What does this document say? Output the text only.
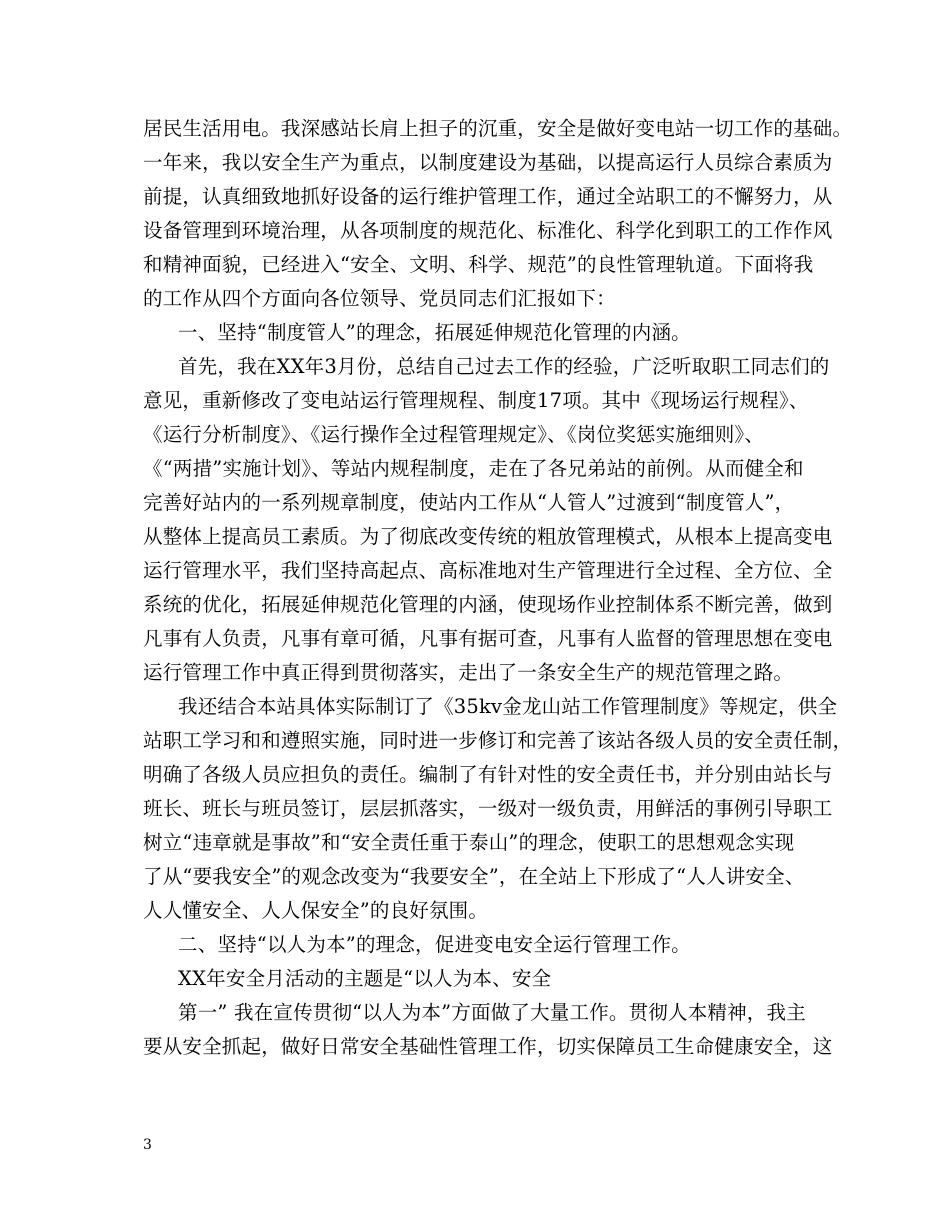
居民生活用电。我深感站长肩上担子的沉重，安全是做好变电站一切工作的基础。
一年来，我以安全生产为重点，以制度建设为基础，以提高运行人员综合素质为
前提，认真细致地抓好设备的运行维护管理工作，通过全站职工的不懈努力，从
设备管理到环境治理，从各项制度的规范化、标准化、科学化到职工的工作作风
和精神面貌，已经进入“安全、文明、科学、规范”的良性管理轨道。下面将我
的工作从四个方面向各位领导、党员同志们汇报如下：
一、坚持“制度管人”的理念，拓展延伸规范化管理的内涵。
首先，我在XX年3月份，总结自己过去工作的经验，广泛听取职工同志们的
意见，重新修改了变电站运行管理规程、制度17项。其中《现场运行规程》、
《运行分析制度》、《运行操作全过程管理规定》、《岗位奖惩实施细则》、
《“两措”实施计划》、等站内规程制度，走在了各兄弟站的前例。从而健全和
完善好站内的一系列规章制度，使站内工作从“人管人”过渡到“制度管人”，
从整体上提高员工素质。为了彻底改变传统的粗放管理模式，从根本上提高变电
运行管理水平，我们坚持高起点、高标准地对生产管理进行全过程、全方位、全
系统的优化，拓展延伸规范化管理的内涵，使现场作业控制体系不断完善，做到
凡事有人负责，凡事有章可循，凡事有据可查，凡事有人监督的管理思想在变电
运行管理工作中真正得到贯彻落实，走出了一条安全生产的规范管理之路。
我还结合本站具体实际制订了《35kv金龙山站工作管理制度》等规定，供全
站职工学习和和遵照实施，同时进一步修订和完善了该站各级人员的安全责任制，
明确了各级人员应担负的责任。编制了有针对性的安全责任书，并分别由站长与
班长、班长与班员签订，层层抓落实，一级对一级负责，用鲜活的事例引导职工
树立“违章就是事故”和“安全责任重于泰山”的理念，使职工的思想观念实现
了从“要我安全”的观念改变为“我要安全”，在全站上下形成了“人人讲安全、
人人懂安全、人人保安全”的良好氛围。
二、坚持“以人为本”的理念，促进变电安全运行管理工作。
XX年安全月活动的主题是“以人为本、安全
第一” 我在宣传贯彻“以人为本”方面做了大量工作。贯彻人本精神，我主
要从安全抓起，做好日常安全基础性管理工作，切实保障员工生命健康安全，这
3
